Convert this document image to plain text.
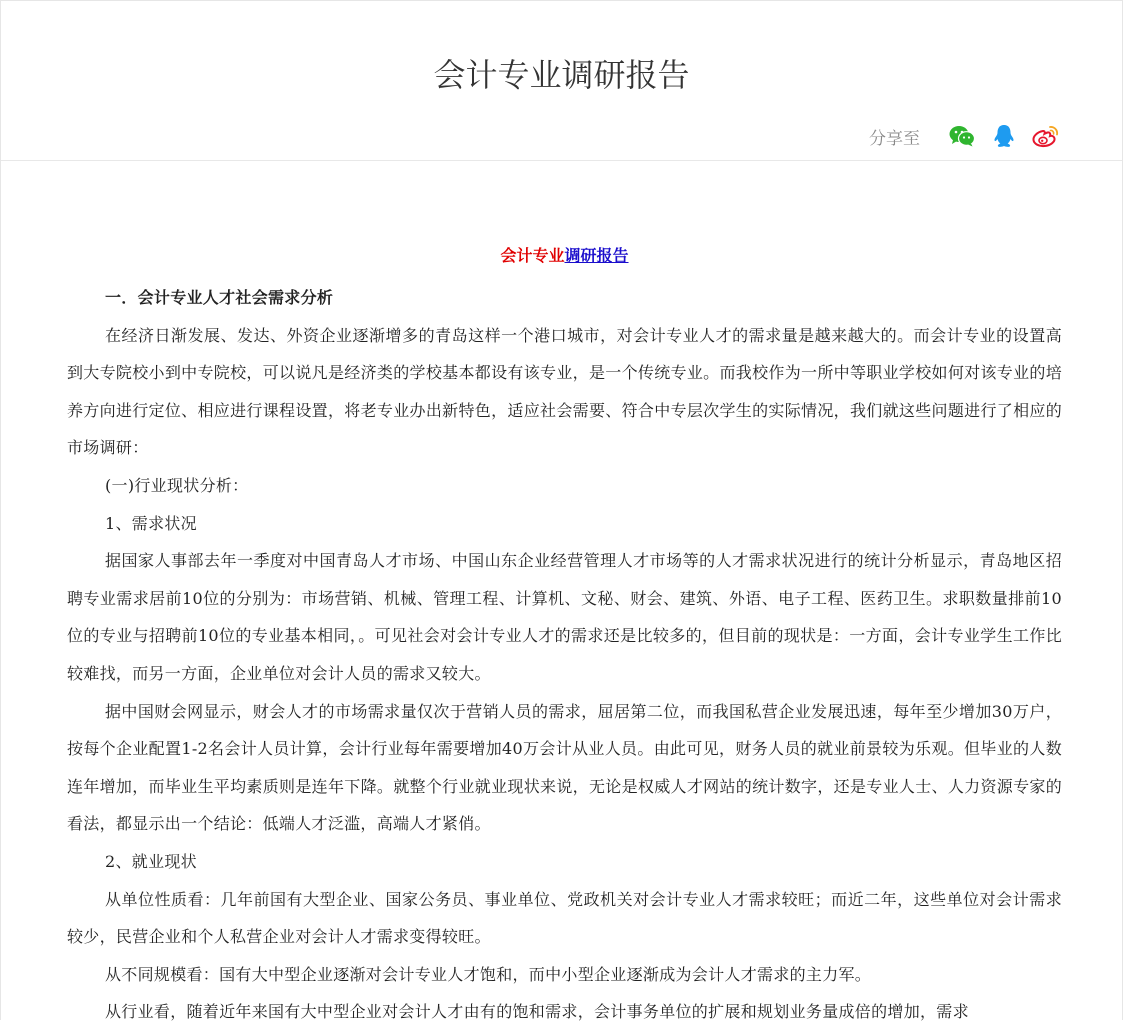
会计专业调研报告
分享至
会计专业调研报告

一．会计专业人才社会需求分析

在经济日渐发展、发达、外资企业逐渐增多的青岛这样一个港口城市，对会计专业人才的需求量是越来越大的。而会计专业的设置高到大专院校小到中专院校，可以说凡是经济类的学校基本都设有该专业，是一个传统专业。而我校作为一所中等职业学校如何对该专业的培养方向进行定位、相应进行课程设置，将老专业办出新特色，适应社会需要、符合中专层次学生的实际情况，我们就这些问题进行了相应的市场调研：

(一)行业现状分析：

1、需求状况

据国家人事部去年一季度对中国青岛人才市场、中国山东企业经营管理人才市场等的人才需求状况进行的统计分析显示，青岛地区招聘专业需求居前10位的分别为：市场营销、机械、管理工程、计算机、文秘、财会、建筑、外语、电子工程、医药卫生。求职数量排前10位的专业与招聘前10位的专业基本相同，。可见社会对会计专业人才的需求还是比较多的，但目前的现状是：一方面，会计专业学生工作比较难找，而另一方面，企业单位对会计人员的需求又较大。

据中国财会网显示，财会人才的市场需求量仅次于营销人员的需求，屈居第二位，而我国私营企业发展迅速，每年至少增加30万户，按每个企业配置1-2名会计人员计算，会计行业每年需要增加40万会计从业人员。由此可见，财务人员的就业前景较为乐观。但毕业的人数连年增加，而毕业生平均素质则是连年下降。就整个行业就业现状来说，无论是权威人才网站的统计数字，还是专业人士、人力资源专家的看法，都显示出一个结论：低端人才泛滥，高端人才紧俏。

2、就业现状

从单位性质看：几年前国有大型企业、国家公务员、事业单位、党政机关对会计专业人才需求较旺；而近二年，这些单位对会计需求较少，民营企业和个人私营企业对会计人才需求变得较旺。

从不同规模看：国有大中型企业逐渐对会计专业人才饱和，而中小型企业逐渐成为会计人才需求的主力军。

从行业看，随着近年来国有大中型企业对会计人才由有的饱和需求，会计事务单位的扩展和规划业务量成倍的增加，需求
